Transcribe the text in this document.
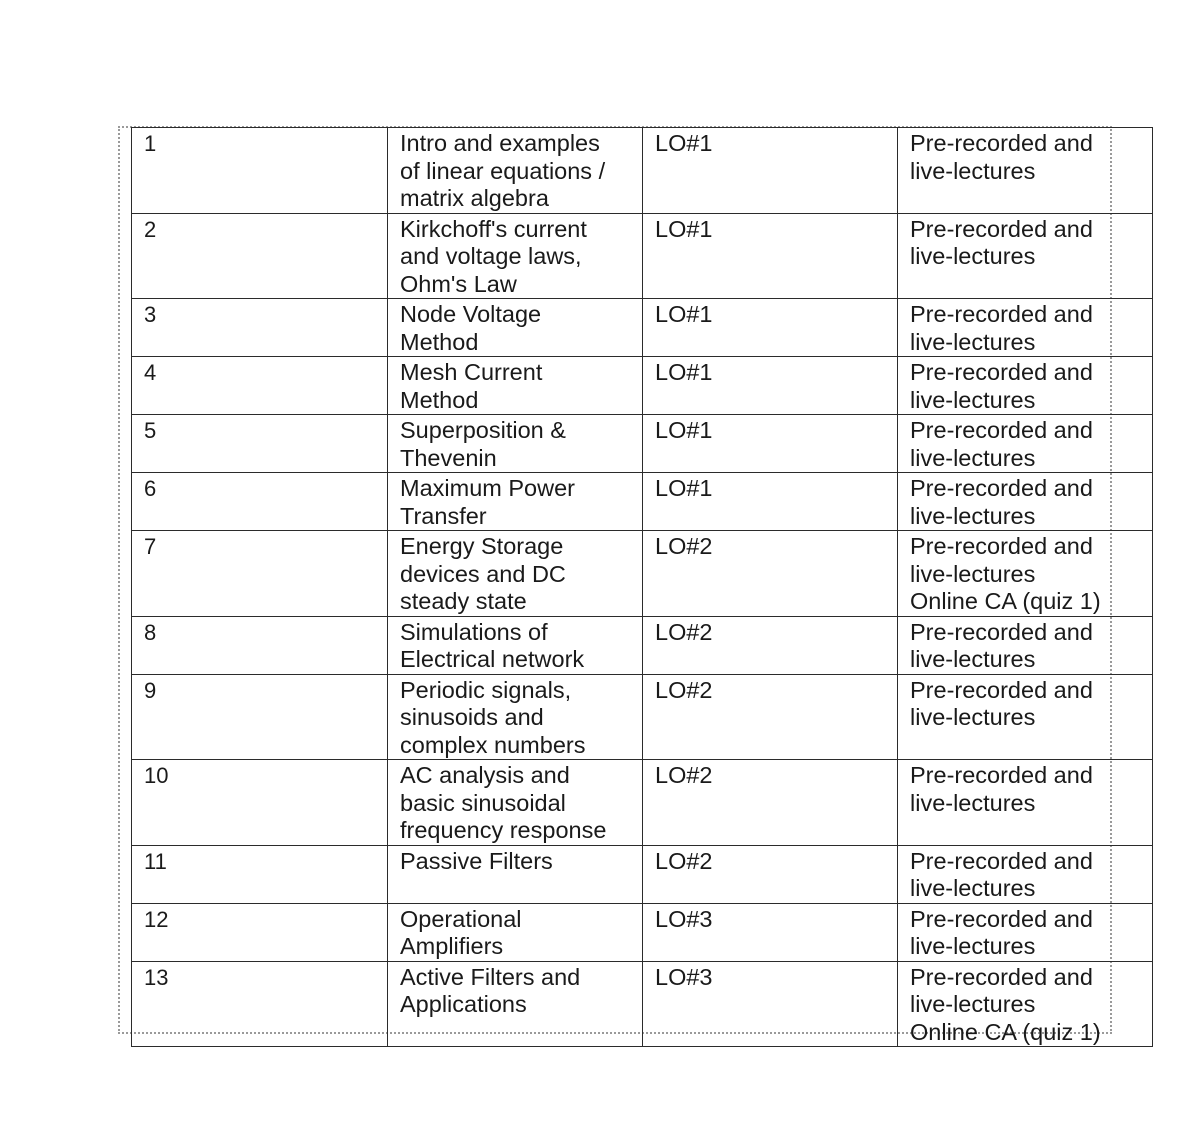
1	Intro and examples
of linear equations /
matrix algebra	LO#1	Pre-recorded and
live-lectures
2	Kirkchoff's current
and voltage laws,
Ohm's Law	LO#1	Pre-recorded and
live-lectures
3	Node Voltage
Method	LO#1	Pre-recorded and
live-lectures
4	Mesh Current
Method	LO#1	Pre-recorded and
live-lectures
5	Superposition &
Thevenin	LO#1	Pre-recorded and
live-lectures
6	Maximum Power
Transfer	LO#1	Pre-recorded and
live-lectures
7	Energy Storage
devices and DC
steady state	LO#2	Pre-recorded and
live-lectures
Online CA (quiz 1)
8	Simulations of
Electrical network	LO#2	Pre-recorded and
live-lectures
9	Periodic signals,
sinusoids and
complex numbers	LO#2	Pre-recorded and
live-lectures
10	AC analysis and
basic sinusoidal
frequency response	LO#2	Pre-recorded and
live-lectures
11	Passive Filters	LO#2	Pre-recorded and
live-lectures
12	Operational
Amplifiers	LO#3	Pre-recorded and
live-lectures
13	Active Filters and
Applications	LO#3	Pre-recorded and
live-lectures
Online CA (quiz 1)
